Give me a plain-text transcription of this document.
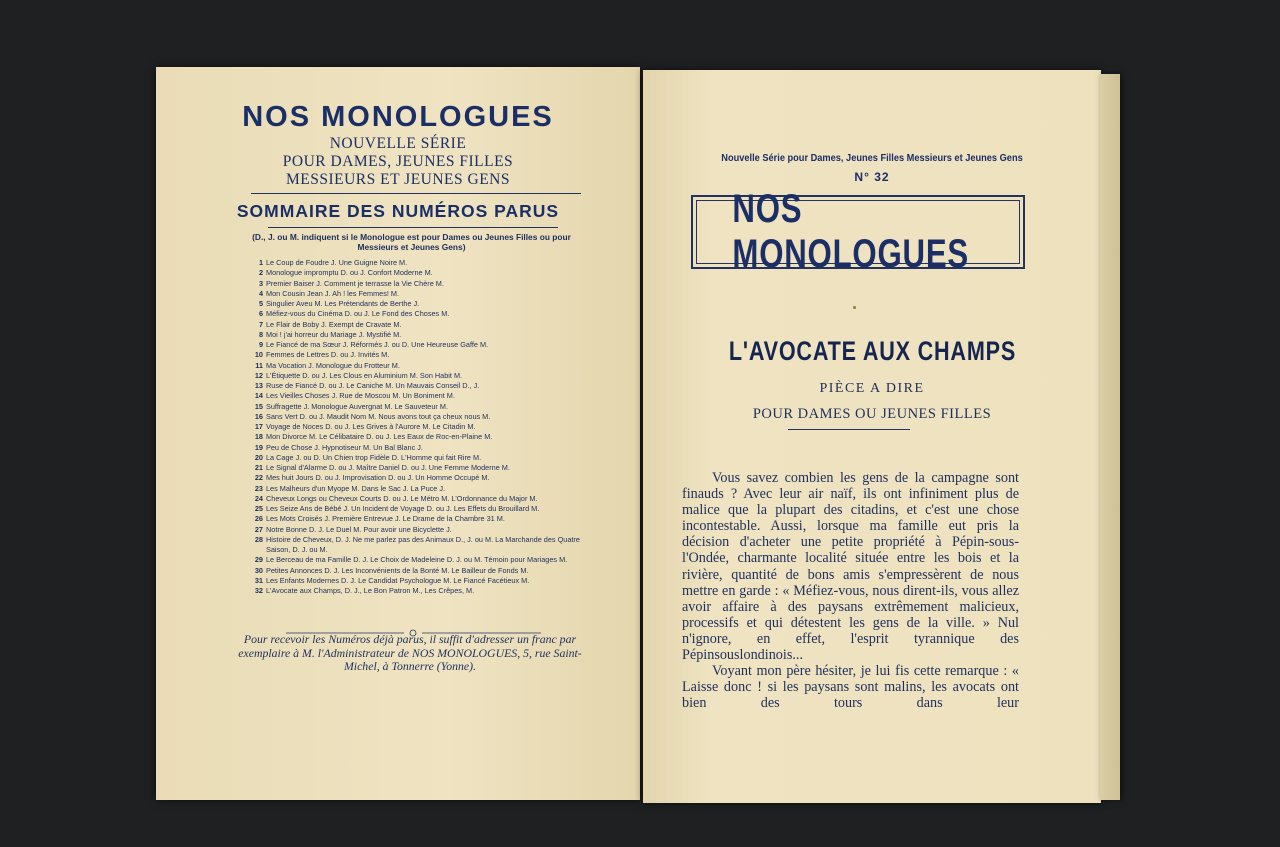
NOS MONOLOGUES
NOUVELLE SÉRIE
POUR DAMES, JEUNES FILLES
MESSIEURS ET JEUNES GENS
SOMMAIRE DES NUMÉROS PARUS
(D., J. ou M. indiquent si le Monologue est pour Dames ou Jeunes Filles ou pour Messieurs et Jeunes Gens)
1 Le Coup de Foudre J. Une Guigne Noire M.
2 Monologue impromptu D. ou J. Confort Moderne M.
3 Premier Baiser J. Comment je terrasse la Vie Chère M.
4 Mon Cousin Jean J. Ah ! les Femmes! M.
5 Singulier Aveu M. Les Prétendants de Berthe J.
6 Méfiez-vous du Cinéma D. ou J. Le Fond des Choses M.
7 Le Flair de Boby J. Exempt de Cravate M.
8 Moi ! j'ai horreur du Mariage J. Mystifié M.
9 Le Fiancé de ma Sœur J. Réformés J. ou D. Une Heureuse Gaffe M.
10 Femmes de Lettres D. ou J. Invités M.
11 Ma Vocation J. Monologue du Frotteur M.
12 L'Étiquette D. ou J. Les Clous en Aluminium M. Son Habit M.
13 Ruse de Fiancé D. ou J. Le Caniche M. Un Mauvais Conseil D., J.
14 Les Vieilles Choses J. Rue de Moscou M. Un Boniment M.
15 Suffragette J. Monologue Auvergnat M. Le Sauveteur M.
16 Sans Vert D. ou J. Maudit Nom M. Nous avons tout ça cheux nous M.
17 Voyage de Noces D. ou J. Les Grives à l'Aurore M. Le Citadin M.
18 Mon Divorce M. Le Célibataire D. ou J. Les Eaux de Roc-en-Plaine M.
19 Peu de Chose J. Hypnotiseur M. Un Bal Blanc J.
20 La Cage J. ou D. Un Chien trop Fidèle D. L'Homme qui fait Rire M.
21 Le Signal d'Alarme D. ou J. Maître Daniel D. ou J. Une Femme Moderne M.
22 Mes huit Jours D. ou J. Improvisation D. ou J. Un Homme Occupé M.
23 Les Malheurs d'un Myope M. Dans le Sac J. La Puce J.
24 Cheveux Longs ou Cheveux Courts D. ou J. Le Métro M. L'Ordonnance du Major M.
25 Les Seize Ans de Bébé J. Un Incident de Voyage D. ou J. Les Effets du Brouillard M.
26 Les Mots Croisés J. Première Entrevue J. Le Drame de la Chambre 31 M.
27 Notre Bonne D. J. Le Duel M. Pour avoir une Bicyclette J.
28 Histoire de Cheveux, D. J. Ne me parlez pas des Animaux D., J. ou M. La Marchande des Quatre Saison, D. J. ou M.
29 Le Berceau de ma Famille D. J. Le Choix de Madeleine D. J. ou M. Témoin pour Mariages M.
30 Petites Annonces D. J. Les Inconvénients de la Bonté M. Le Bailleur de Fonds M.
31 Les Enfants Modernes D. J. Le Candidat Psychologue M. Le Fiancé Facétieux M.
32 L'Avocate aux Champs, D. J., Le Bon Patron M., Les Crêpes, M.
Pour recevoir les Numéros déjà parus, il suffit d'adresser un franc par exemplaire à M. l'Administrateur de NOS MONOLOGUES, 5, rue Saint-Michel, à Tonnerre (Yonne).
Nouvelle Série pour Dames, Jeunes Filles Messieurs et Jeunes Gens
N° 32
NOS MONOLOGUES
L'AVOCATE AUX CHAMPS
PIÈCE A DIRE
POUR DAMES OU JEUNES FILLES

Vous savez combien les gens de la campagne sont finauds ? Avec leur air naïf, ils ont infiniment plus de malice que la plupart des citadins, et c'est une chose incontestable. Aussi, lorsque ma famille eut pris la décision d'acheter une petite propriété à Pépin-sous-l'Ondée, charmante localité située entre les bois et la rivière, quantité de bons amis s'empressèrent de nous mettre en garde : « Méfiez-vous, nous dirent-ils, vous allez avoir affaire à des paysans extrêmement malicieux, processifs et qui détestent les gens de la ville. » Nul n'ignore, en effet, l'esprit tyrannique des Pépinsouslondinois...

Voyant mon père hésiter, je lui fis cette remarque : « Laisse donc ! si les paysans sont malins, les avocats ont bien des tours dans leur
